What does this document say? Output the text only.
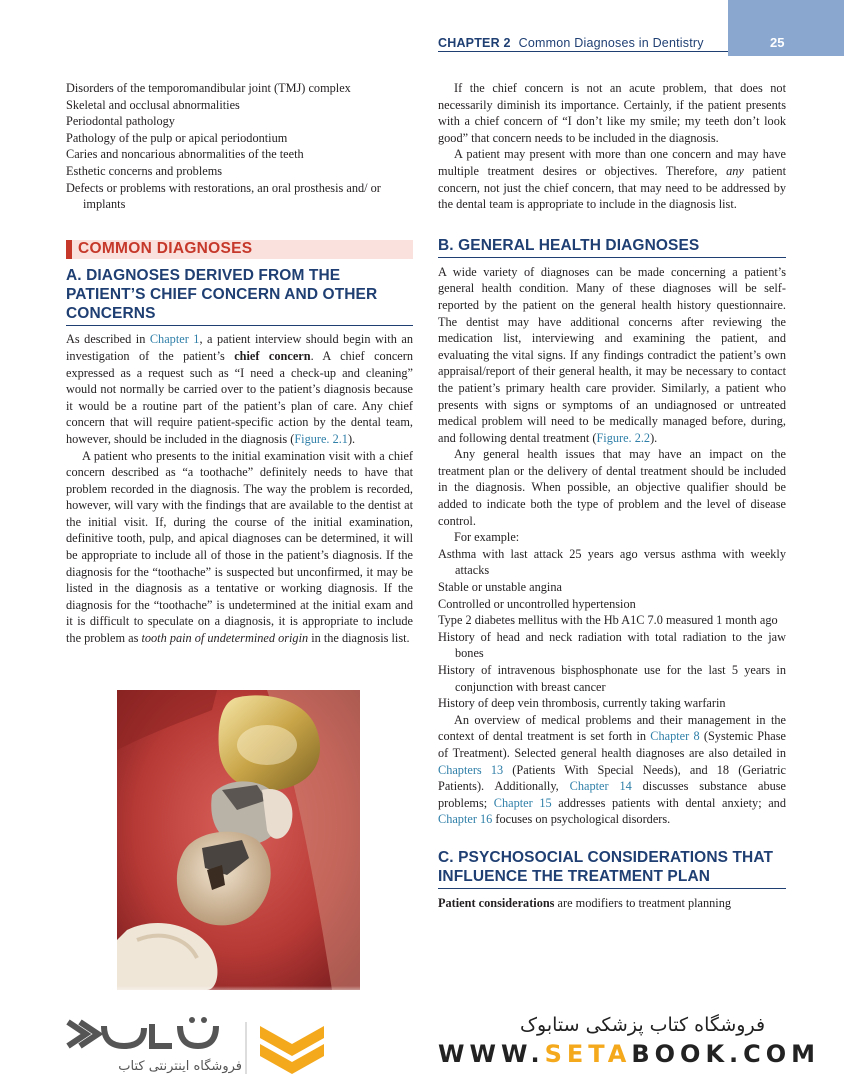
CHAPTER 2 Common Diagnoses in Dentistry	25

Disorders of the temporomandibular joint (TMJ) complex

Skeletal and occlusal abnormalities

Periodontal pathology

Pathology of the pulp or apical periodontium

Caries and noncarious abnormalities of the teeth

Esthetic concerns and problems

Defects or problems with restorations, an oral prosthesis and/ or implants

COMMON DIAGNOSES
A. DIAGNOSES DERIVED FROM THE PATIENT’S CHIEF CONCERN AND OTHER CONCERNS

As described in Chapter 1, a patient interview should begin with an investigation of the patient’s chief concern. A chief concern expressed as a request such as “I need a check-up and cleaning” would not normally be carried over to the patient’s diagnosis because it would be a routine part of the patient’s plan of care. Any chief concern that will require patient-specific action by the dental team, however, should be included in the diagnosis (Figure. 2.1).

A patient who presents to the initial examination visit with a chief concern described as “a toothache” definitely needs to have that problem recorded in the diagnosis. The way the problem is recorded, however, will vary with the findings that are available to the dentist at the initial visit. If, during the course of the initial examination, definitive tooth, pulp, and apical diagnoses can be determined, it will be appropriate to include all of those in the patient’s diagnosis. If the diagnosis for the “toothache” is suspected but unconfirmed, it may be listed in the diagnosis as a tentative or working diagnosis. If the diagnosis for the “toothache” is undetermined at the initial exam and it is difficult to speculate on a diagnosis, it is appropriate to include the problem as tooth pain of undetermined origin in the diagnosis list.

If the chief concern is not an acute problem, that does not necessarily diminish its importance. Certainly, if the patient presents with a chief concern of “I don’t like my smile; my teeth don’t look good” that concern needs to be included in the diagnosis.

A patient may present with more than one concern and may have multiple treatment desires or objectives. Therefore, any patient concern, not just the chief concern, that may need to be addressed by the dental team is appropriate to include in the diagnosis list.

B. GENERAL HEALTH DIAGNOSES

A wide variety of diagnoses can be made concerning a patient’s general health condition. Many of these diagnoses will be self-reported by the patient on the general health history questionnaire. The dentist may have additional concerns after reviewing the medication list, interviewing and examining the patient, and evaluating the vital signs. If any findings contradict the patient’s own appraisal/report of their general health, it may be necessary to contact the patient’s primary health care provider. Similarly, a patient who presents with signs or symptoms of an undiagnosed or untreated medical problem will need to be medically managed before, during, and following dental treatment (Figure. 2.2).

Any general health issues that may have an impact on the treatment plan or the delivery of dental treatment should be included in the diagnosis. When possible, an objective qualifier should be added to indicate both the type of problem and the level of disease control.

For example:

Asthma with last attack 25 years ago versus asthma with weekly attacks

Stable or unstable angina

Controlled or uncontrolled hypertension

Type 2 diabetes mellitus with the Hb A1C 7.0 measured 1 month ago

History of head and neck radiation with total radiation to the jaw bones

History of intravenous bisphosphonate use for the last 5 years in conjunction with breast cancer

History of deep vein thrombosis, currently taking warfarin

An overview of medical problems and their management in the context of dental treatment is set forth in Chapter 8 (Systemic Phase of Treatment). Selected general health diagnoses are also detailed in Chapters 13 (Patients With Special Needs), and 18 (Geriatric Patients). Additionally, Chapter 14 discusses substance abuse problems; Chapter 15 addresses patients with dental anxiety; and Chapter 16 focuses on psychological disorders.

C. PSYCHOSOCIAL CONSIDERATIONS THAT INFLUENCE THE TREATMENT PLAN

Patient considerations are modifiers to treatment planning

فروشگاه اینترنتی کتاب
فروشگاه کتاب پزشکی ستابوک
WWW.SETABOOK.COM
